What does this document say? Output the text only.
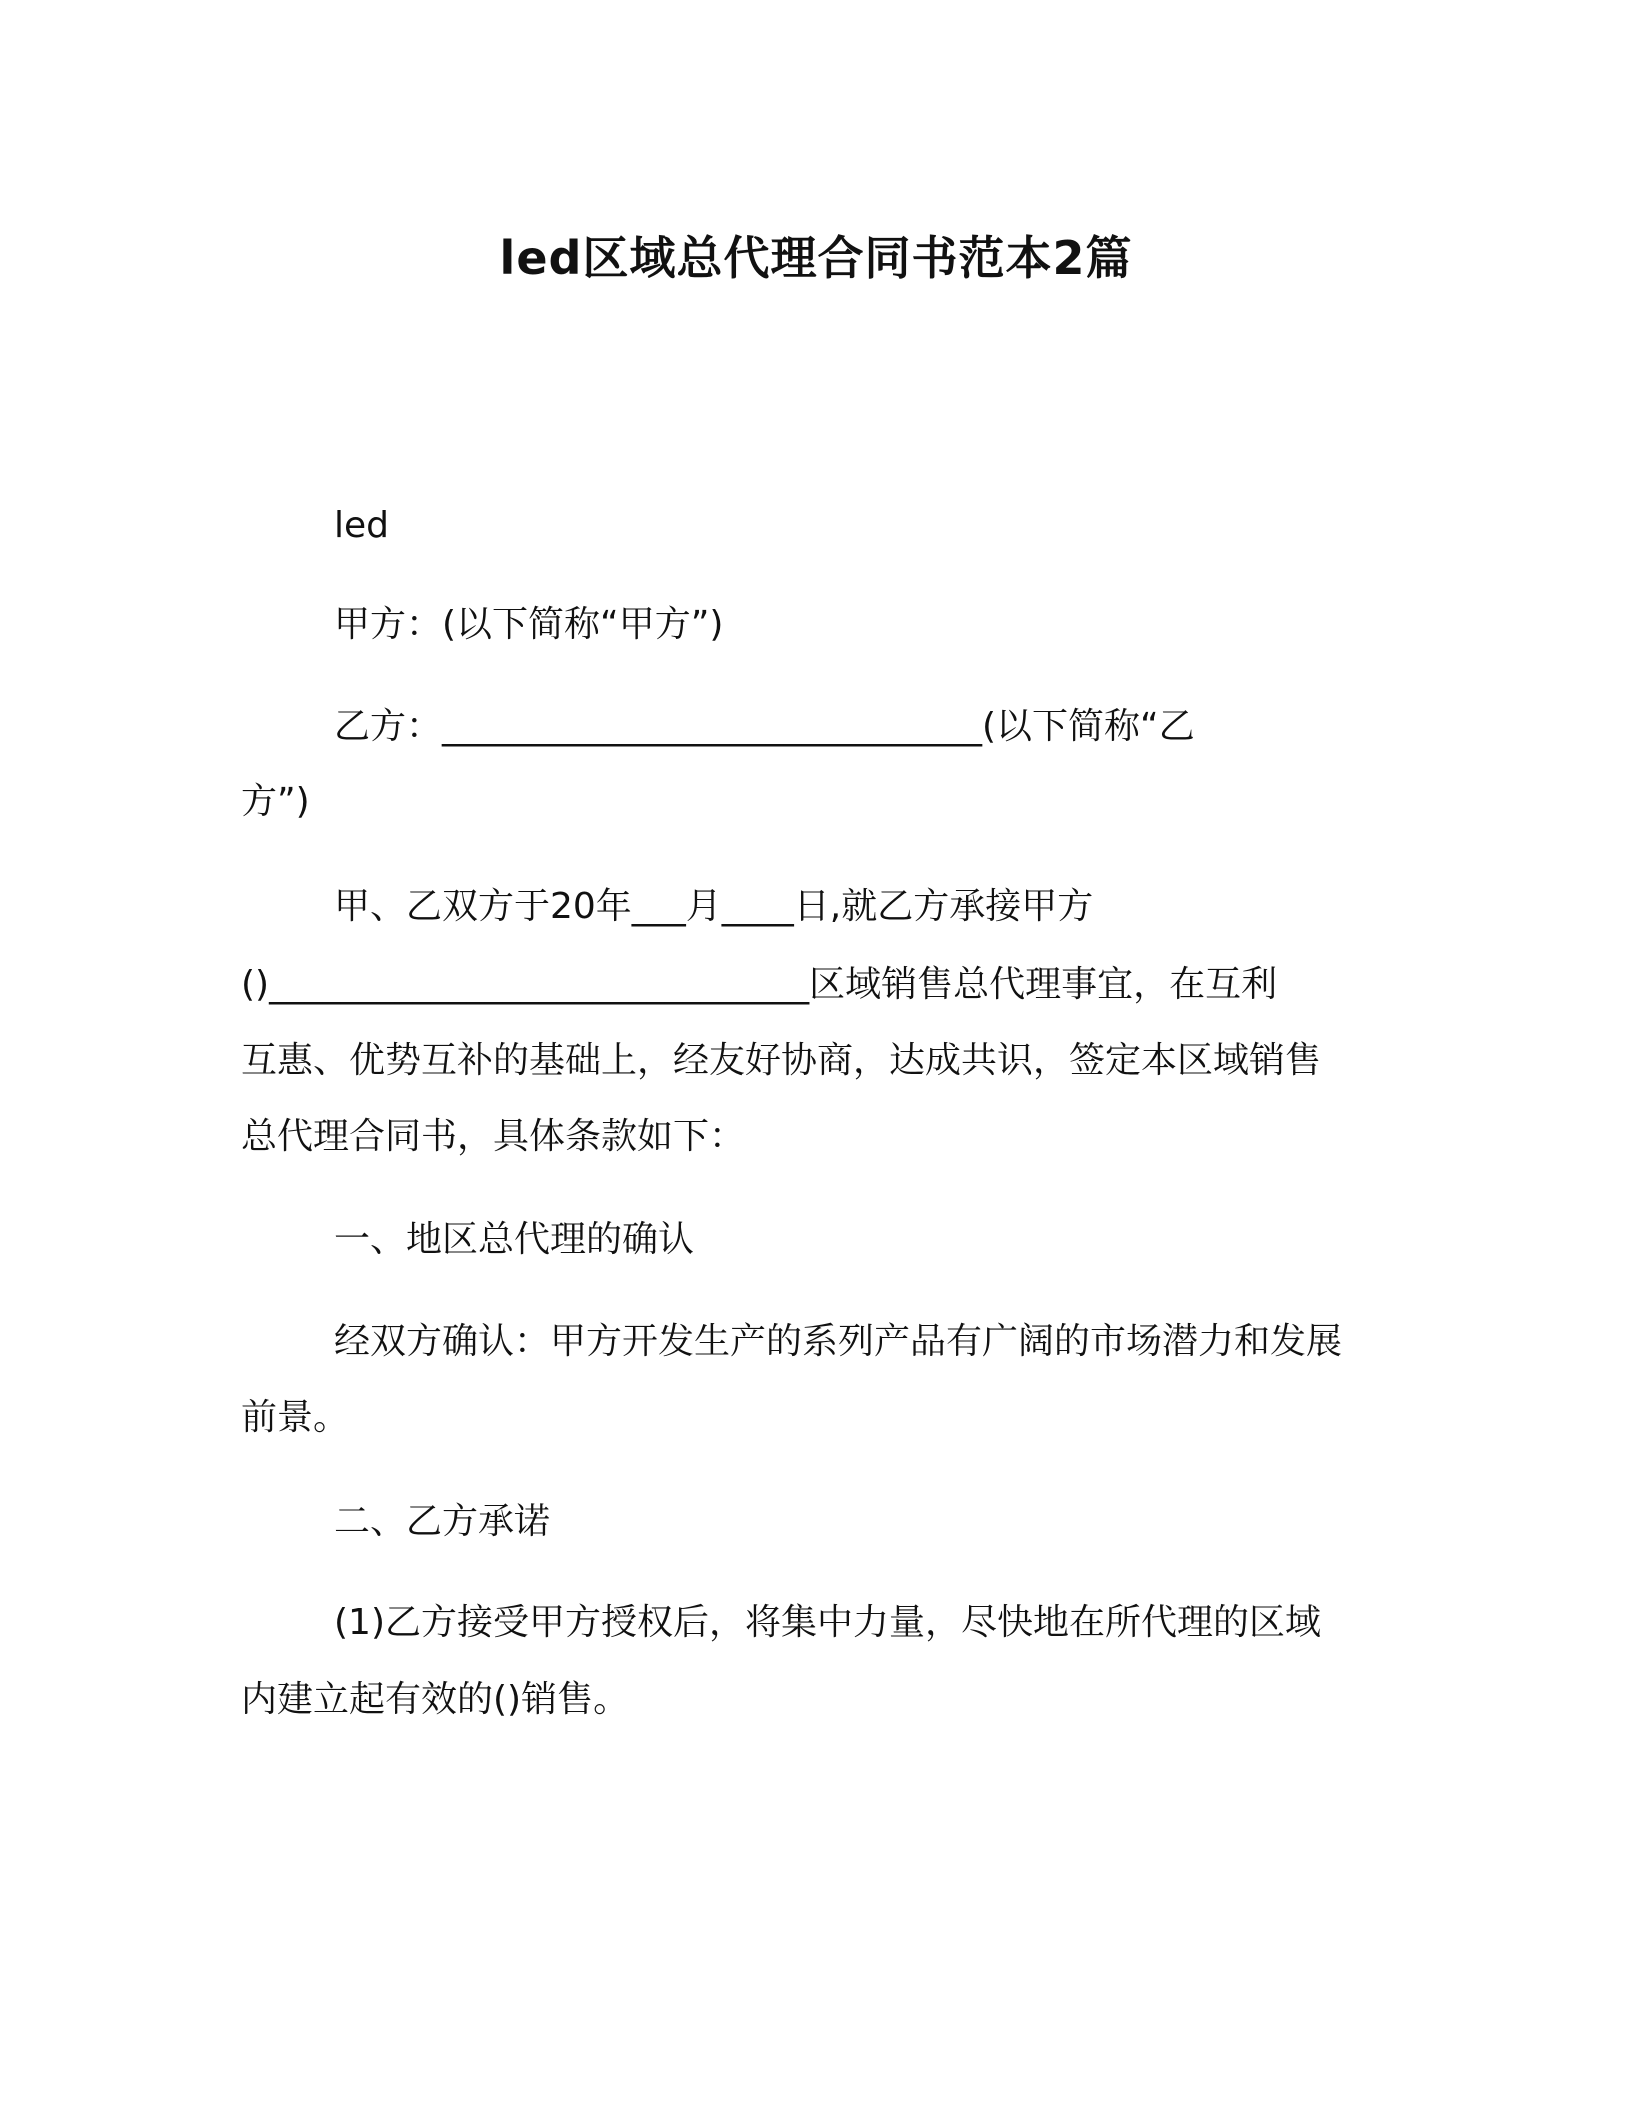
led区域总代理合同书范本2篇
led
甲方：(以下简称“甲方”)
乙方：______________________________(以下简称“乙
方”)
甲、乙双方于20年___月____日,就乙方承接甲方
()______________________________区域销售总代理事宜，在互利
互惠、优势互补的基础上，经友好协商，达成共识，签定本区域销售
总代理合同书，具体条款如下：
一、地区总代理的确认
经双方确认：甲方开发生产的系列产品有广阔的市场潜力和发展
前景。
二、乙方承诺
(1)乙方接受甲方授权后，将集中力量，尽快地在所代理的区域
内建立起有效的()销售。
